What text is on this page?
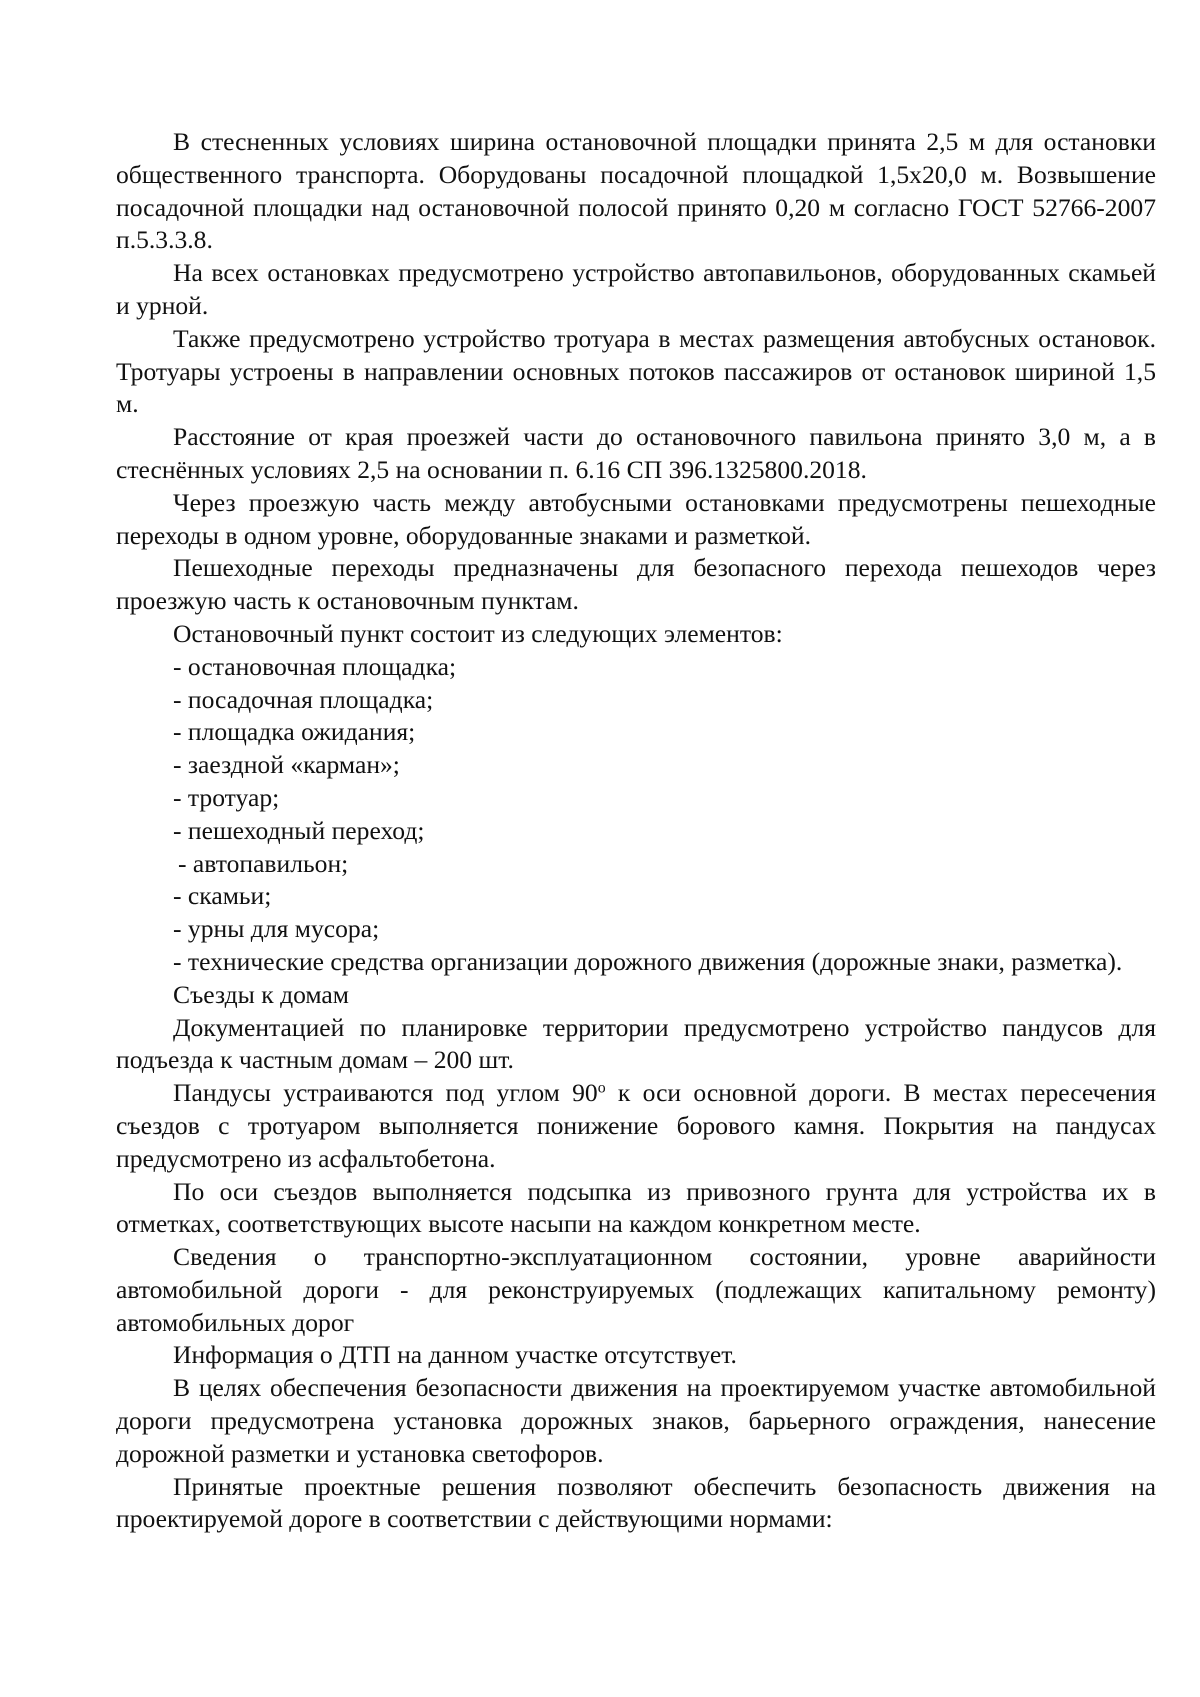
В стесненных условиях ширина остановочной площадки принята 2,5 м для остановки общественного транспорта. Оборудованы посадочной площадкой 1,5х20,0 м. Возвышение посадочной площадки над остановочной полосой принято 0,20 м согласно ГОСТ 52766-2007 п.5.3.3.8.

На всех остановках предусмотрено устройство автопавильонов, оборудованных скамьей и урной.

Также предусмотрено устройство тротуара в местах размещения автобусных остановок. Тротуары устроены в направлении основных потоков пассажиров от остановок шириной 1,5 м.

Расстояние от края проезжей части до остановочного павильона принято 3,0 м, а в стеснённых условиях 2,5 на основании п. 6.16 СП 396.1325800.2018.

Через проезжую часть между автобусными остановками предусмотрены пешеходные переходы в одном уровне, оборудованные знаками и разметкой.

Пешеходные переходы предназначены для безопасного перехода пешеходов через проезжую часть к остановочным пунктам.

Остановочный пункт состоит из следующих элементов:

- остановочная площадка;

- посадочная площадка;

- площадка ожидания;

- заездной «карман»;

- тротуар;

- пешеходный переход;

- автопавильон;

- скамьи;

- урны для мусора;

- технические средства организации дорожного движения (дорожные знаки, разметка).

Съезды к домам

Документацией по планировке территории предусмотрено устройство пандусов для подъезда к частным домам – 200 шт.

Пандусы устраиваются под углом $90^о$ к оси основной дороги. В местах пересечения съездов с тротуаром выполняется понижение борового камня. Покрытия на пандусах предусмотрено из асфальтобетона.

По оси съездов выполняется подсыпка из привозного грунта для устройства их в отметках, соответствующих высоте насыпи на каждом конкретном месте.

Сведения о транспортно-эксплуатационном состоянии, уровне аварийности автомобильной дороги - для реконструируемых (подлежащих капитальному ремонту) автомобильных дорог

Информация о ДТП на данном участке отсутствует.

В целях обеспечения безопасности движения на проектируемом участке автомобильной дороги предусмотрена установка дорожных знаков, барьерного ограждения, нанесение дорожной разметки и установка светофоров.

Принятые проектные решения позволяют обеспечить безопасность движения на проектируемой дороге в соответствии с действующими нормами:
